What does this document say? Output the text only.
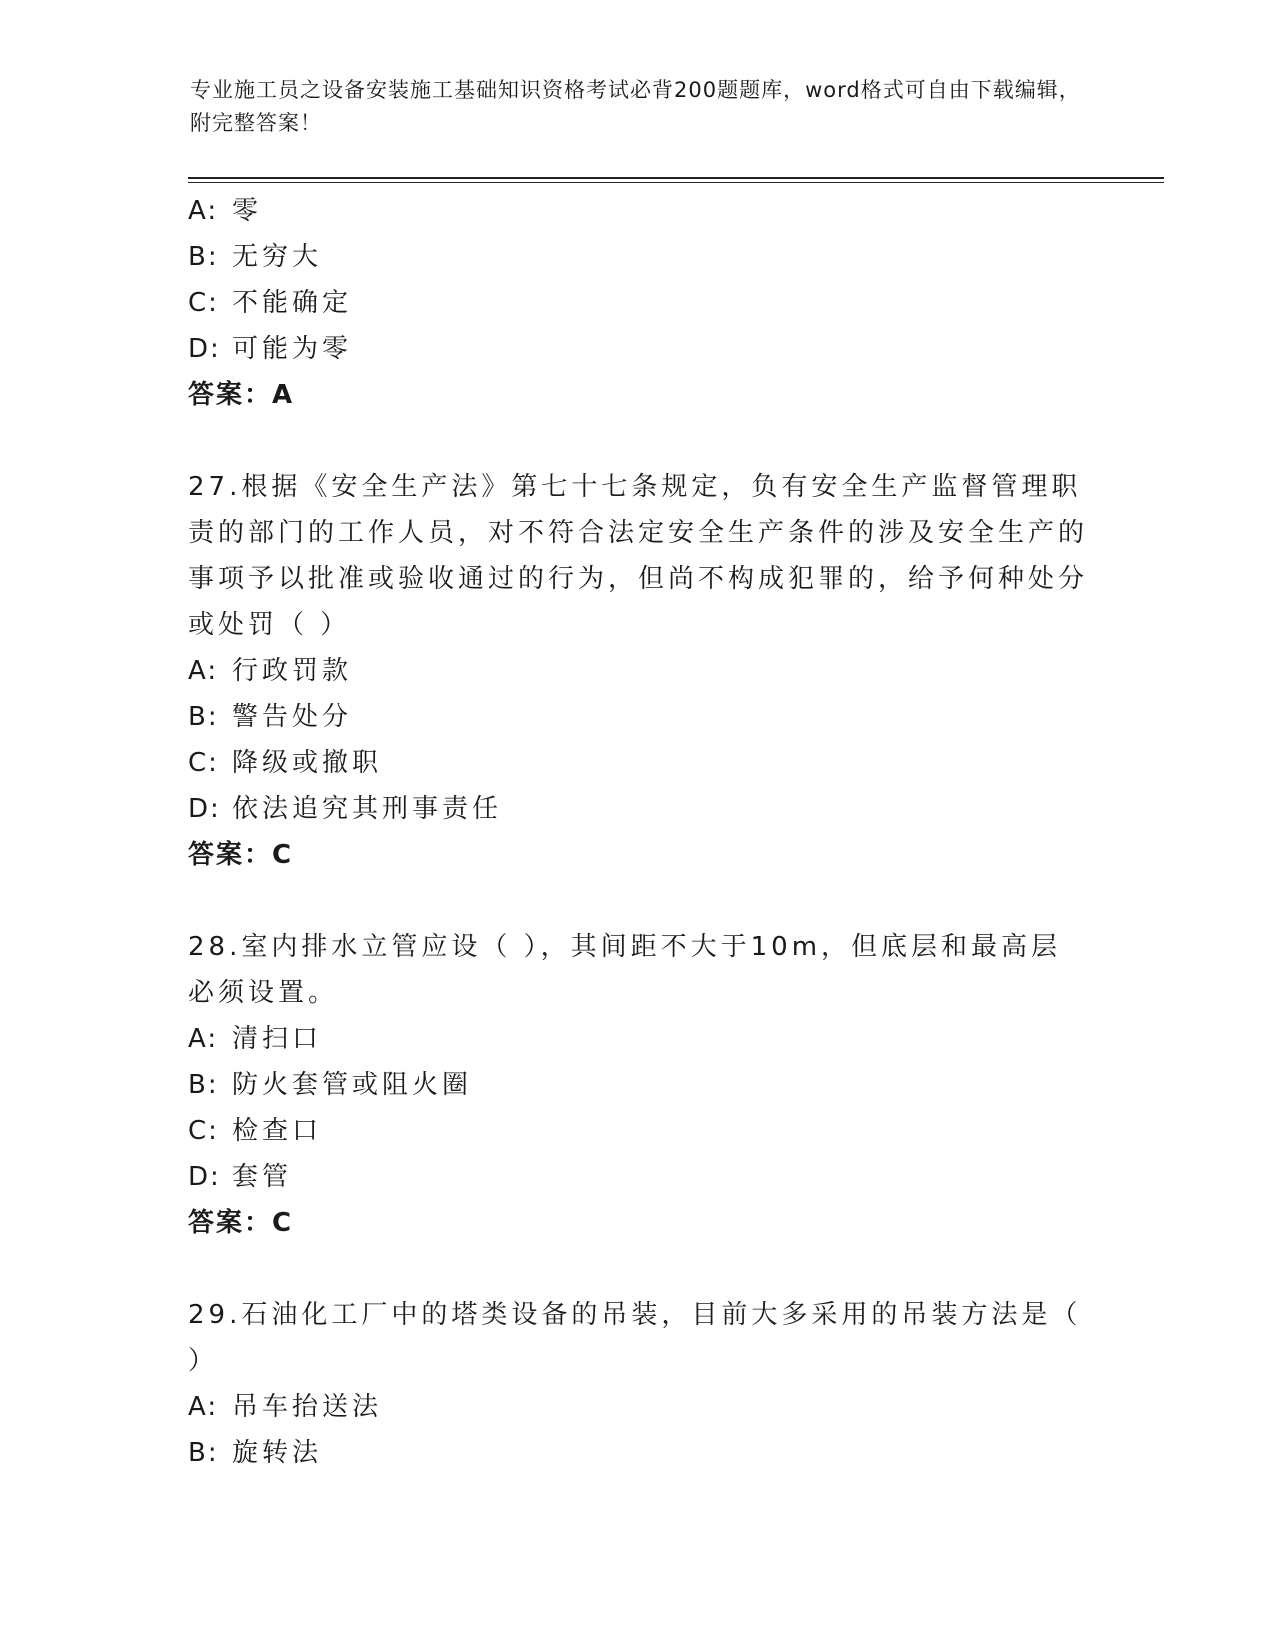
专业施工员之设备安装施工基础知识资格考试必背200题题库，word格式可自由下载编辑，附完整答案！
A: 零
B: 无穷大
C: 不能确定
D: 可能为零
答案：A
27.根据《安全生产法》第七十七条规定，负有安全生产监督管理职责的部门的工作人员，对不符合法定安全生产条件的涉及安全生产的事项予以批准或验收通过的行为，但尚不构成犯罪的，给予何种处分或处罚（ ）
A: 行政罚款
B: 警告处分
C: 降级或撤职
D: 依法追究其刑事责任
答案：C
28.室内排水立管应设（ ），其间距不大于10m，但底层和最高层必须设置。
A: 清扫口
B: 防火套管或阻火圈
C: 检查口
D: 套管
答案：C
29.石油化工厂中的塔类设备的吊装，目前大多采用的吊装方法是（ ）
A: 吊车抬送法
B: 旋转法
